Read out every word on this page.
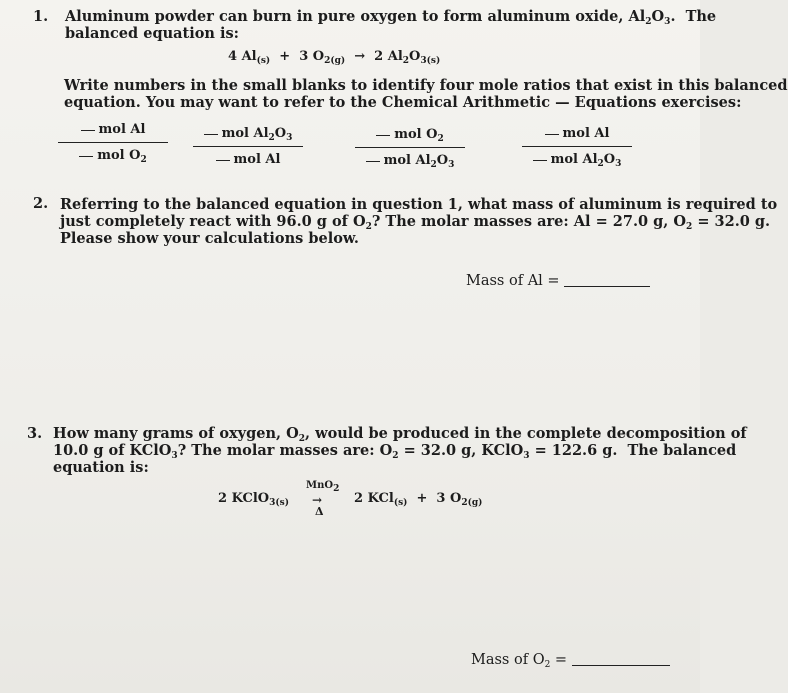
1. Aluminum powder can burn in pure oxygen to form aluminum oxide, $Al_2O_3$.  The
balanced equation is:
4 $Al_{(s)} + 3$ $O_{2(g)} \to 2$ $Al_2O_{3(s)}$
Write numbers in the small blanks to identify four mole ratios that exist in this balanced
equation. You may want to refer to the Chemical Arithmetic — Equations exercises:
mol Al
mol $O_2$
mol $Al_2O_3$
mol Al
mol $O_2$
mol $Al_2O_3$
mol Al
mol $Al_2O_3$
2. Referring to the balanced equation in question 1, what mass of aluminum is required to
just completely react with 96.0 g of $O_2$? The molar masses are: Al = 27.0 g, $O_2 = 32.0$ g.
Please show your calculations below.
Mass of Al =
3. How many grams of oxygen, $O_2$, would be produced in the complete decomposition of
10.0 g of KClO$_3$? The molar masses are: $O_2 = 32.0$ g, KClO$_3$ = 122.6 g.  The balanced
equation is:
2 KClO$_{3(s)}$
MnO$_2$
→
Δ
2 KCl$_{(s)}$  +  3 $O_{2(g)}$
Mass of $O_2$ =
